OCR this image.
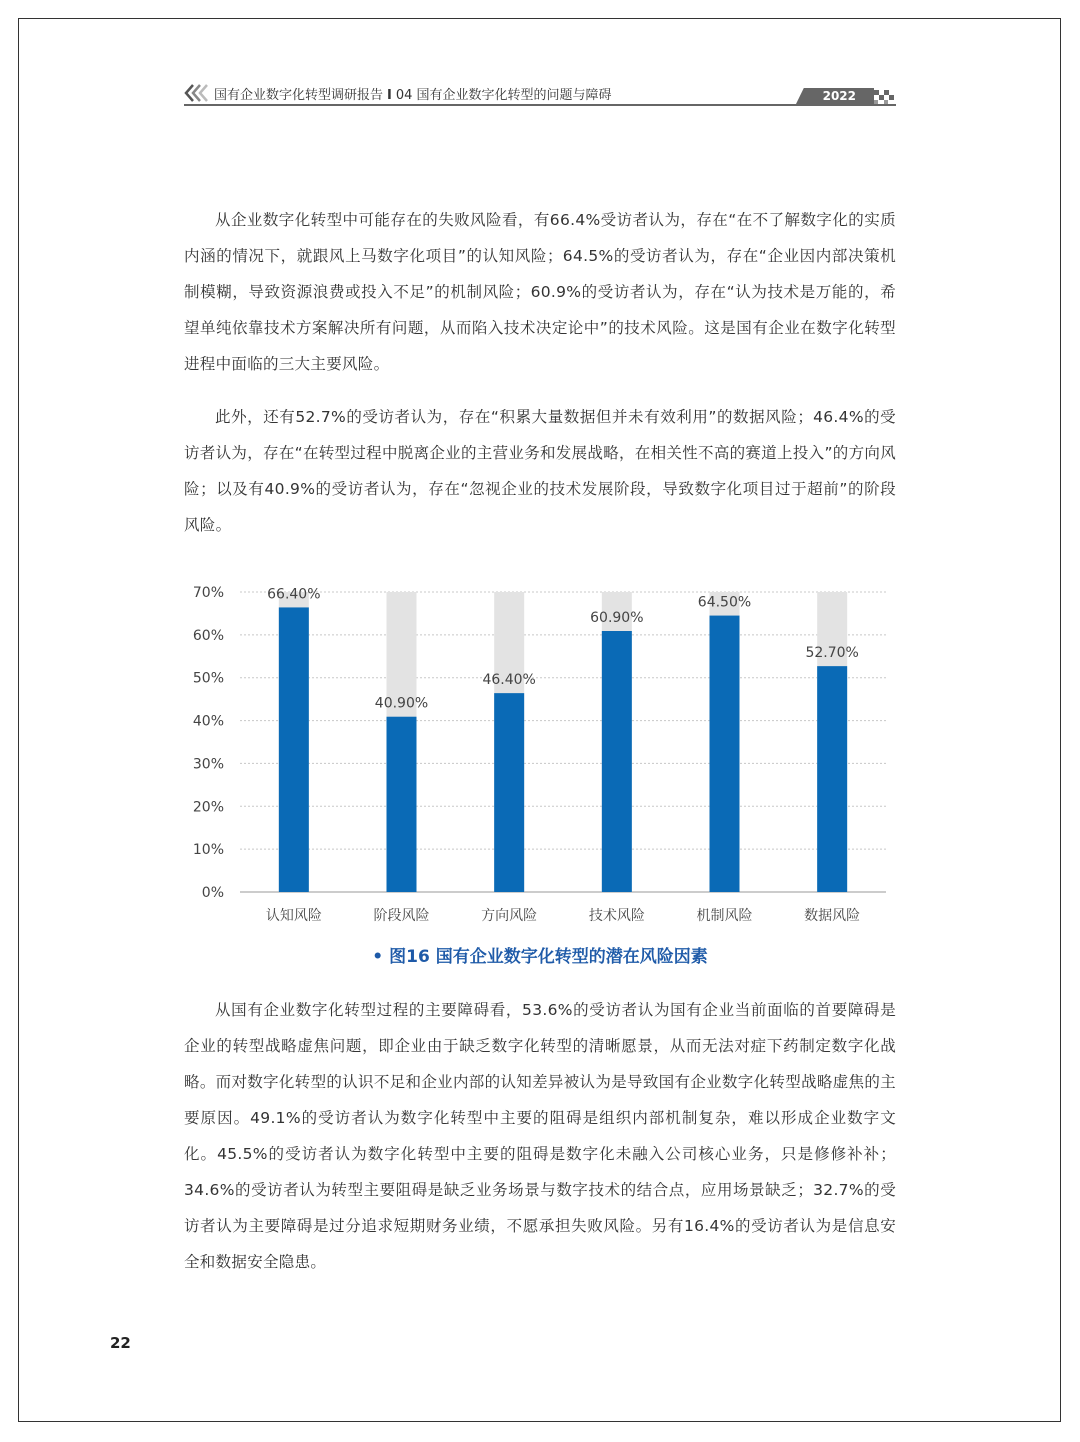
国有企业数字化转型调研报告 I 04 国有企业数字化转型的问题与障碍	2022

从企业数字化转型中可能存在的失败风险看，有66.4%受访者认为，存在“在不了解数字化的实质内涵的情况下，就跟风上马数字化项目”的认知风险；64.5%的受访者认为，存在“企业因内部决策机制模糊，导致资源浪费或投入不足”的机制风险；60.9%的受访者认为，存在“认为技术是万能的，希望单纯依靠技术方案解决所有问题，从而陷入技术决定论中”的技术风险。这是国有企业在数字化转型进程中面临的三大主要风险。

此外，还有52.7%的受访者认为，存在“积累大量数据但并未有效利用”的数据风险；46.4%的受访者认为，存在“在转型过程中脱离企业的主营业务和发展战略，在相关性不高的赛道上投入”的方向风险；以及有40.9%的受访者认为，存在“忽视企业的技术发展阶段，导致数字化项目过于超前”的阶段风险。

0%
10%
20%
30%
40%
50%
60%
70%	66.40%
认知风险
40.90%
阶段风险
46.40%
方向风险
60.90%
技术风险
64.50%
机制风险
52.70%
数据风险
• 图16 国有企业数字化转型的潜在风险因素

从国有企业数字化转型过程的主要障碍看，53.6%的受访者认为国有企业当前面临的首要障碍是企业的转型战略虚焦问题，即企业由于缺乏数字化转型的清晰愿景，从而无法对症下药制定数字化战略。而对数字化转型的认识不足和企业内部的认知差异被认为是导致国有企业数字化转型战略虚焦的主要原因。49.1%的受访者认为数字化转型中主要的阻碍是组织内部机制复杂，难以形成企业数字文化。45.5%的受访者认为数字化转型中主要的阻碍是数字化未融入公司核心业务，只是修修补补；34.6%的受访者认为转型主要阻碍是缺乏业务场景与数字技术的结合点，应用场景缺乏；32.7%的受访者认为主要障碍是过分追求短期财务业绩，不愿承担失败风险。另有16.4%的受访者认为是信息安全和数据安全隐患。

22
